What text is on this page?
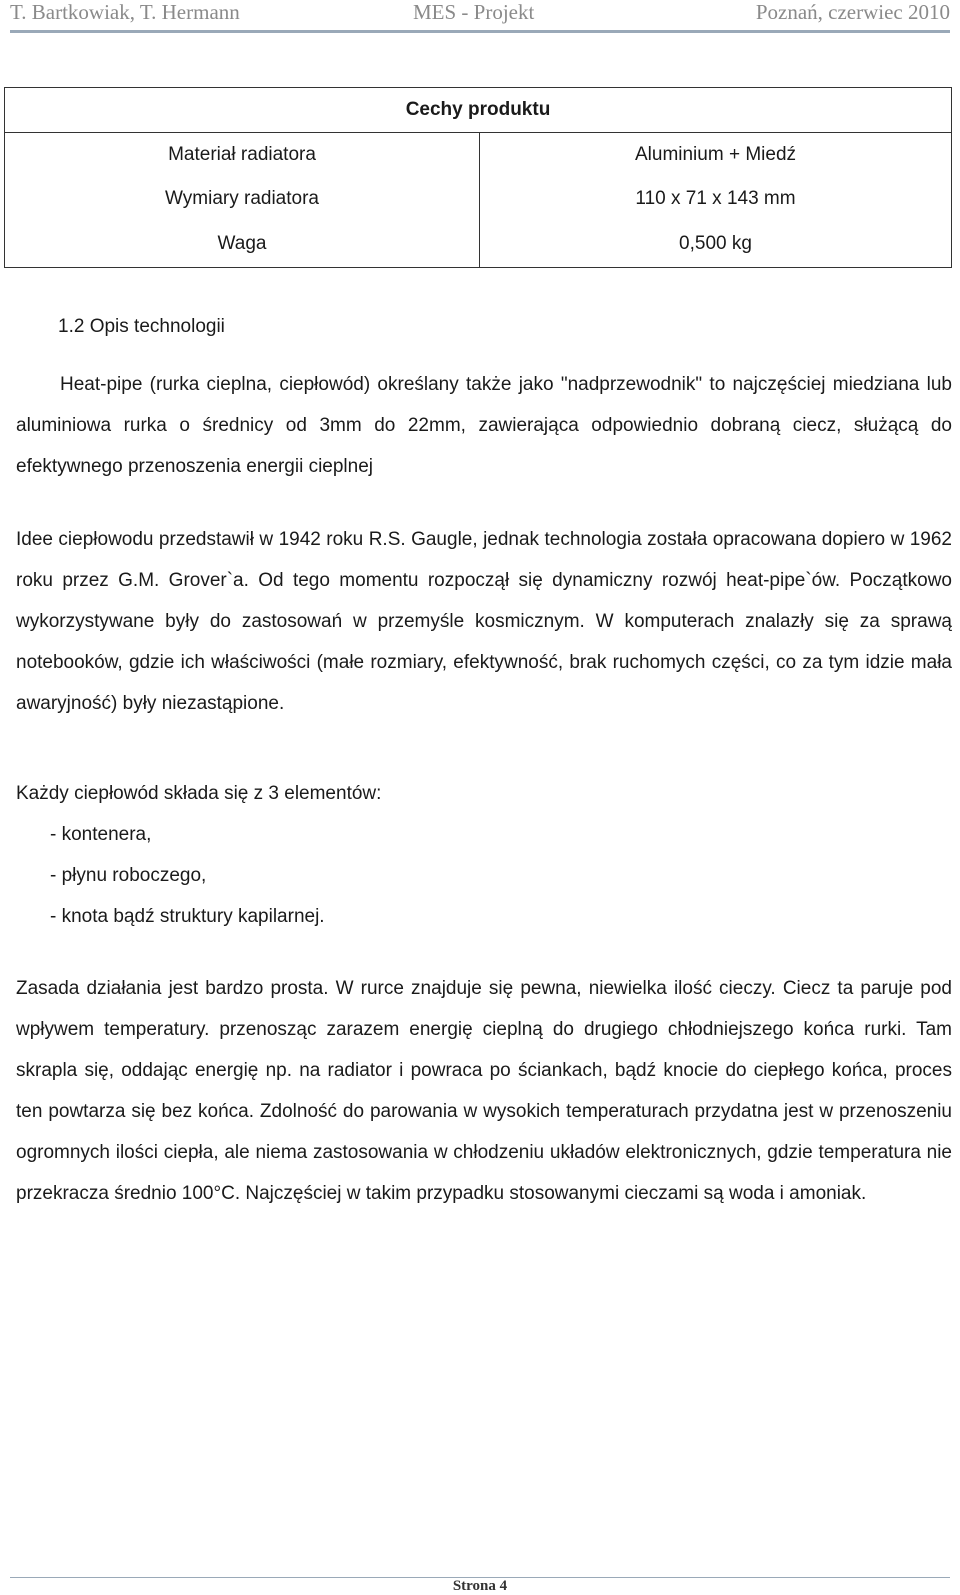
T. Bartkowiak, T. Hermann	MES - Projekt	Poznań, czerwiec 2010
Cechy produktu	
Materiał radiatora	Aluminium + Miedź
Wymiary radiatora	110 x 71 x 143 mm
Waga	0,500 kg
1.2 Opis technologii
Heat-pipe (rurka cieplna, ciepłowód) określany także jako "nadprzewodnik" to najczęściej miedziana lub aluminiowa rurka o średnicy od 3mm do 22mm, zawierająca odpowiednio dobraną ciecz, służącą do efektywnego przenoszenia energii cieplnej
Idee ciepłowodu przedstawił w 1942 roku R.S. Gaugle, jednak technologia została opracowana dopiero w 1962 roku przez G.M. Grover`a. Od tego momentu rozpoczął się dynamiczny rozwój heat-pipe`ów. Początkowo wykorzystywane były do zastosowań w przemyśle kosmicznym. W komputerach znalazły się za sprawą notebooków, gdzie ich właściwości (małe rozmiary, efektywność, brak ruchomych części, co za tym idzie mała awaryjność) były niezastąpione.
Każdy ciepłowód składa się z 3 elementów:
- kontenera,
- płynu roboczego,
- knota bądź struktury kapilarnej.
Zasada działania jest bardzo prosta. W rurce znajduje się pewna, niewielka ilość cieczy. Ciecz ta paruje pod wpływem temperatury. przenosząc zarazem energię cieplną do drugiego chłodniejszego końca rurki. Tam skrapla się, oddając energię np. na radiator i powraca po ściankach, bądź knocie do ciepłego końca, proces ten powtarza się bez końca. Zdolność do parowania w wysokich temperaturach przydatna jest w przenoszeniu ogromnych ilości ciepła, ale niema zastosowania w chłodzeniu układów elektronicznych, gdzie temperatura nie przekracza średnio 100°C. Najczęściej w takim przypadku stosowanymi cieczami są woda i amoniak.
Strona 4
